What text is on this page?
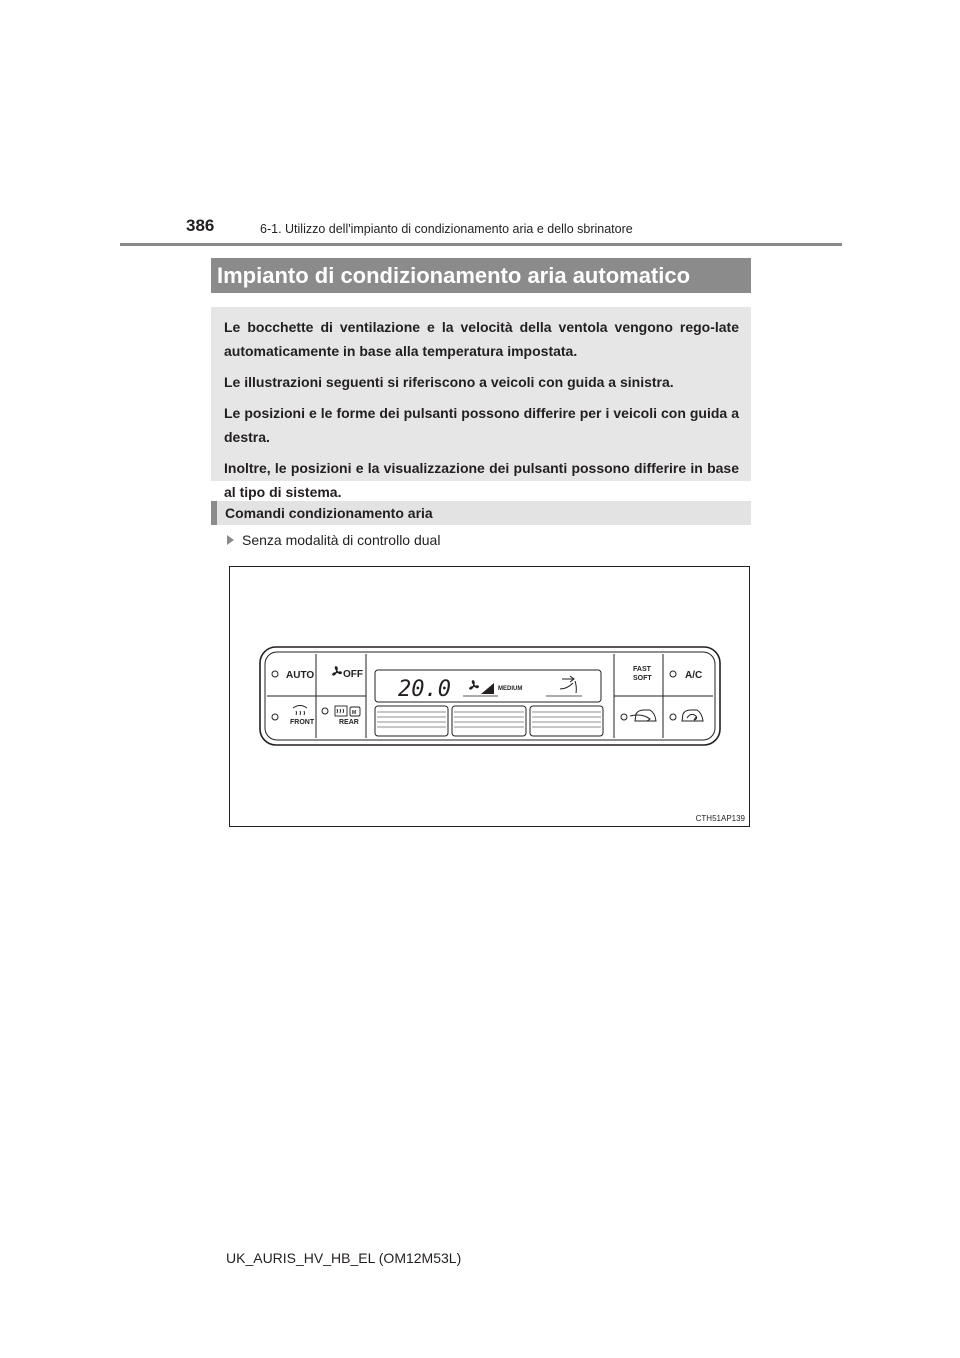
386	6-1. Utilizzo dell'impianto di condizionamento aria e dello sbrinatore
Impianto di condizionamento aria automatico

Le bocchette di ventilazione e la velocità della ventola vengono rego-late automaticamente in base alla temperatura impostata.

Le illustrazioni seguenti si riferiscono a veicoli con guida a sinistra.

Le posizioni e le forme dei pulsanti possono differire per i veicoli con guida a destra.

Inoltre, le posizioni e la visualizzazione dei pulsanti possono differire in base al tipo di sistema.

Comandi condizionamento aria
Senza modalità di controllo dual
AUTO	OFF
FRONT
M
REAR
20.0	MEDIUM
FAST
SOFT	A/C
CTH51AP139
UK_AURIS_HV_HB_EL (OM12M53L)
